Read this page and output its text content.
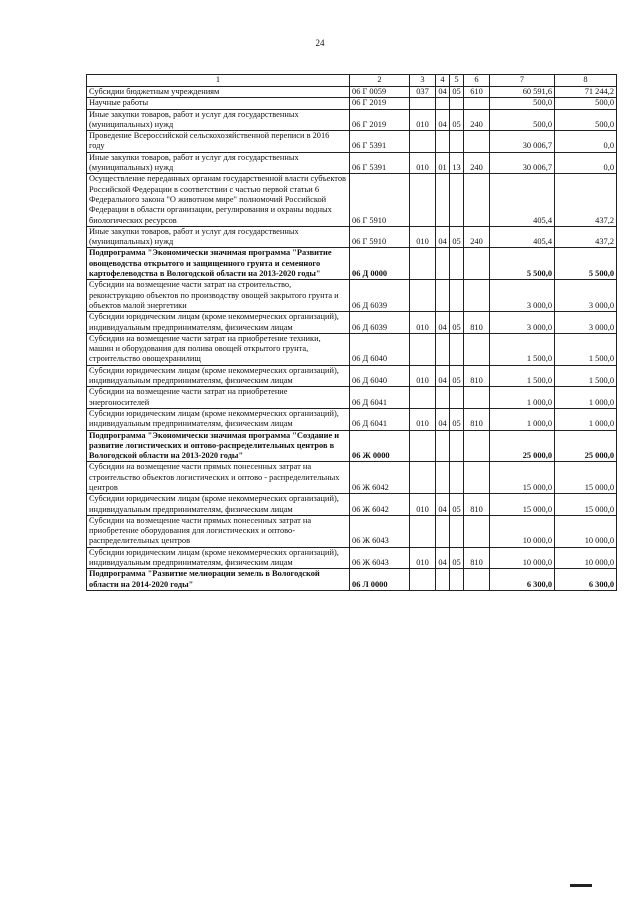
24
1	2	3	4	5	6	7	8
Субсидии бюджетным учреждениям	06 Г 0059	037	04	05	610	60 591,6	71 244,2
Научные работы	06 Г 2019					500,0	500,0
Иные закупки товаров, работ и услуг для государственных (муниципальных) нужд	06 Г 2019	010	04	05	240	500,0	500,0
Проведение Всероссийской сельскохозяйственной переписи в 2016 году	06 Г 5391					30 006,7	0,0
Иные закупки товаров, работ и услуг для государственных (муниципальных) нужд	06 Г 5391	010	01	13	240	30 006,7	0,0
Осуществление переданных органам государственной власти субъектов Российской Федерации в соответствии с частью первой статьи 6 Федерального закона "О животном мире" полномочий Российской Федерации в области организации, регулирования и охраны водных биологических ресурсов	06 Г 5910					405,4	437,2
Иные закупки товаров, работ и услуг для государственных (муниципальных) нужд	06 Г 5910	010	04	05	240	405,4	437,2
Подпрограмма "Экономически значимая программа "Развитие овощеводства открытого и защищенного грунта и семенного картофелеводства в Вологодской области на 2013-2020 годы"	06 Д 0000					5 500,0	5 500,0
Субсидии на возмещение части затрат на строительство, реконструкцию объектов по производству овощей закрытого грунта и объектов малой энергетики	06 Д 6039					3 000,0	3 000,0
Субсидии юридическим лицам (кроме некоммерческих организаций), индивидуальным предпринимателям, физическим лицам	06 Д 6039	010	04	05	810	3 000,0	3 000,0
Субсидии на возмещение части затрат на приобретение техники, машин и оборудования для полива овощей открытого грунта, строительство овощехранилищ	06 Д 6040					1 500,0	1 500,0
Субсидии юридическим лицам (кроме некоммерческих организаций), индивидуальным предпринимателям, физическим лицам	06 Д 6040	010	04	05	810	1 500,0	1 500,0
Субсидии на возмещение части затрат на приобретение энергоносителей	06 Д 6041					1 000,0	1 000,0
Субсидии юридическим лицам (кроме некоммерческих организаций), индивидуальным предпринимателям, физическим лицам	06 Д 6041	010	04	05	810	1 000,0	1 000,0
Подпрограмма "Экономически значимая программа "Создание и развитие логистических и оптово-распределительных центров в Вологодской области на 2013-2020 годы"	06 Ж 0000					25 000,0	25 000,0
Субсидии на возмещение части прямых понесенных затрат на строительство объектов логистических и оптово - распределительных центров	06 Ж 6042					15 000,0	15 000,0
Субсидии юридическим лицам (кроме некоммерческих организаций), индивидуальным предпринимателям, физическим лицам	06 Ж 6042	010	04	05	810	15 000,0	15 000,0
Субсидии на возмещение части прямых понесенных затрат на приобретение оборудования для логистических и оптово-распределительных центров	06 Ж 6043					10 000,0	10 000,0
Субсидии юридическим лицам (кроме некоммерческих организаций), индивидуальным предпринимателям, физическим лицам	06 Ж 6043	010	04	05	810	10 000,0	10 000,0
Подпрограмма "Развитие мелиорации земель в Вологодской области на 2014-2020 годы"	06 Л 0000					6 300,0	6 300,0
